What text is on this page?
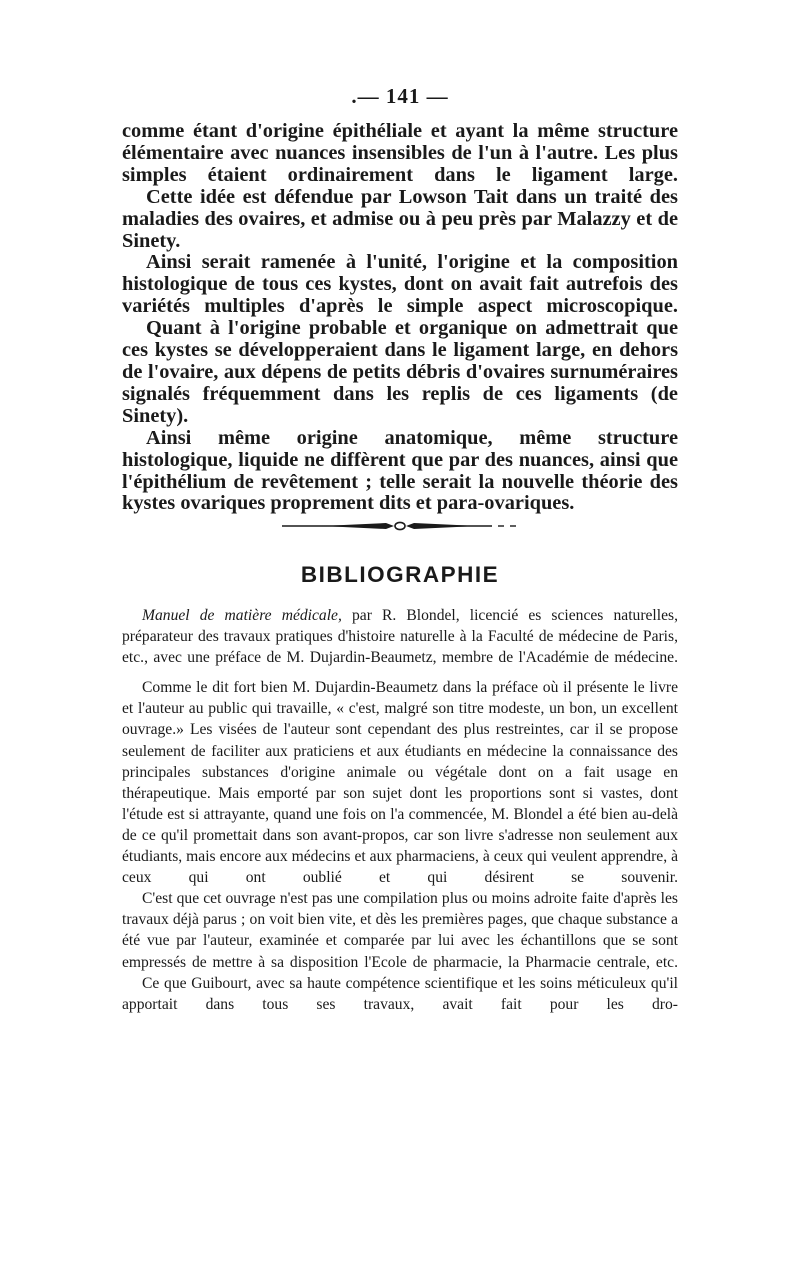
.— 141 —

comme étant d'origine épithéliale et ayant la même structure élémentaire avec nuances insensibles de l'un à l'autre. Les plus simples étaient ordinairement dans le ligament large.

Cette idée est défendue par Lowson Tait dans un traité des maladies des ovaires, et admise ou à peu près par Malazzy et de Sinety.

Ainsi serait ramenée à l'unité, l'origine et la composition histologique de tous ces kystes, dont on avait fait autrefois des variétés multiples d'après le simple aspect microscopique.

Quant à l'origine probable et organique on admettrait que ces kystes se développeraient dans le ligament large, en dehors de l'ovaire, aux dépens de petits débris d'ovaires surnuméraires signalés fréquemment dans les replis de ces ligaments (de Sinety).

Ainsi même origine anatomique, même structure histologique, liquide ne diffèrent que par des nuances, ainsi que l'épithélium de revêtement ; telle serait la nouvelle théorie des kystes ovariques proprement dits et para-ovariques.

BIBLIOGRAPHIE

Manuel de matière médicale, par R. Blondel, licencié es sciences naturelles, préparateur des travaux pratiques d'histoire naturelle à la Faculté de médecine de Paris, etc., avec une préface de M. Dujardin-Beaumetz, membre de l'Académie de médecine.

Comme le dit fort bien M. Dujardin-Beaumetz dans la préface où il présente le livre et l'auteur au public qui travaille, « c'est, malgré son titre modeste, un bon, un excellent ouvrage.» Les visées de l'auteur sont cependant des plus restreintes, car il se propose seulement de faciliter aux praticiens et aux étudiants en médecine la connaissance des principales substances d'origine animale ou végétale dont on a fait usage en thérapeutique. Mais emporté par son sujet dont les proportions sont si vastes, dont l'étude est si attrayante, quand une fois on l'a commencée, M. Blondel a été bien au-delà de ce qu'il promettait dans son avant-propos, car son livre s'adresse non seulement aux étudiants, mais encore aux médecins et aux pharmaciens, à ceux qui veulent apprendre, à ceux qui ont oublié et qui désirent se souvenir.

C'est que cet ouvrage n'est pas une compilation plus ou moins adroite faite d'après les travaux déjà parus ; on voit bien vite, et dès les premières pages, que chaque substance a été vue par l'auteur, examinée et comparée par lui avec les échantillons que se sont empressés de mettre à sa disposition l'Ecole de pharmacie, la Pharmacie centrale, etc.

Ce que Guibourt, avec sa haute compétence scientifique et les soins méticuleux qu'il apportait dans tous ses travaux, avait fait pour les dro-
